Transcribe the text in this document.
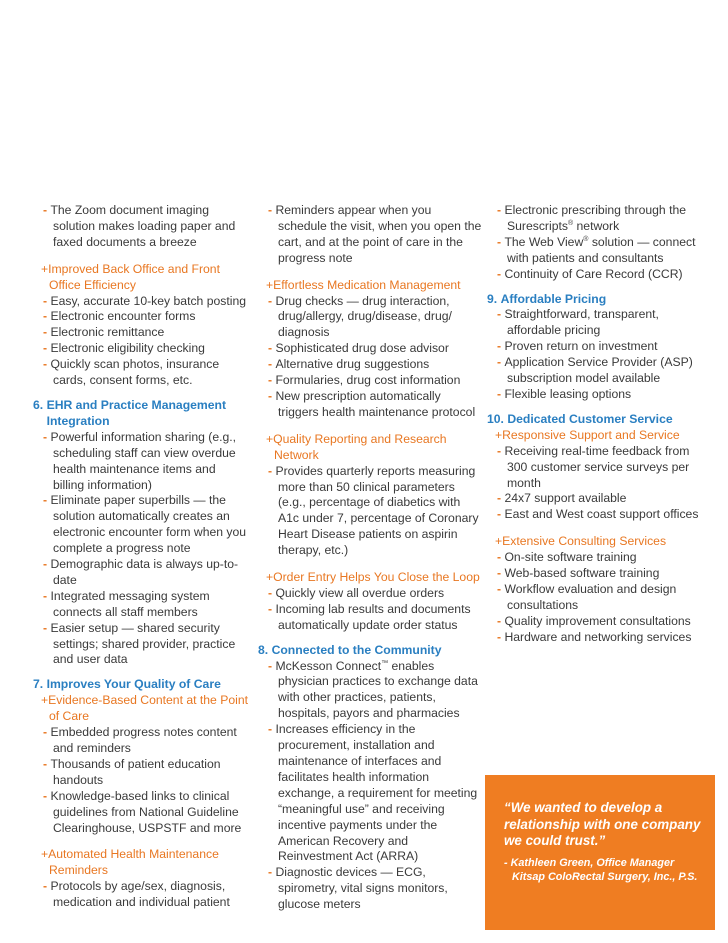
- The Zoom document imaging solution makes loading paper and faxed documents a breeze
+Improved Back Office and Front Office Efficiency
- Easy, accurate 10-key batch posting
- Electronic encounter forms
- Electronic remittance
- Electronic eligibility checking
- Quickly scan photos, insurance cards, consent forms, etc.
6.
EHR and Practice Management Integration
- Powerful information sharing (e.g., scheduling staff can view overdue health maintenance items and billing information)
- Eliminate paper superbills — the solution automatically creates an electronic encounter form when you complete a progress note
- Demographic data is always up-to-date
- Integrated messaging system connects all staff members
- Easier setup — shared security settings; shared provider, practice and user data
7.
Improves Your Quality of Care
+Evidence-Based Content at the Point of Care
- Embedded progress notes content and reminders
- Thousands of patient education handouts
- Knowledge-based links to clinical guidelines from National Guideline Clearinghouse, USPSTF and more
+Automated Health Maintenance Reminders
- Protocols by age/sex, diagnosis, medication and individual patient
- Reminders appear when you schedule the visit, when you open the cart, and at the point of care in the progress note
+Effortless Medication Management
- Drug checks — drug interaction, drug/allergy, drug/disease, drug/ diagnosis
- Sophisticated drug dose advisor
- Alternative drug suggestions
- Formularies, drug cost information
- New prescription automatically triggers health maintenance protocol
+Quality Reporting and Research Network
- Provides quarterly reports measuring more than 50 clinical parameters (e.g., percentage of diabetics with A1c under 7, percentage of Coronary Heart Disease patients on aspirin therapy, etc.)
+Order Entry Helps You Close the Loop
- Quickly view all overdue orders
- Incoming lab results and documents automatically update order status
8.
Connected to the Community
- McKesson Connect™ enables physician practices to exchange data with other practices, patients, hospitals, payors and pharmacies
- Increases efficiency in the procurement, installation and maintenance of interfaces and facilitates health information exchange, a requirement for meeting “meaningful use” and receiving incentive payments under the American Recovery and Reinvestment Act (ARRA)
- Diagnostic devices — ECG, spirometry, vital signs monitors, glucose meters
- Electronic prescribing through the Surescripts® network
- The Web View® solution — connect with patients and consultants
- Continuity of Care Record (CCR)
9.
Affordable Pricing
- Straightforward, transparent, affordable pricing
- Proven return on investment
- Application Service Provider (ASP) subscription model available
- Flexible leasing options
10.
Dedicated Customer Service
+Responsive Support and Service
- Receiving real-time feedback from 300 customer service surveys per month
- 24x7 support available
- East and West coast support offices
+Extensive Consulting Services
- On-site software training
- Web-based software training
- Workflow evaluation and design consultations
- Quality improvement consultations
- Hardware and networking services
“We wanted to develop a relationship with one company we could trust.”
- Kathleen Green, Office Manager
Kitsap ColoRectal Surgery, Inc., P.S.
